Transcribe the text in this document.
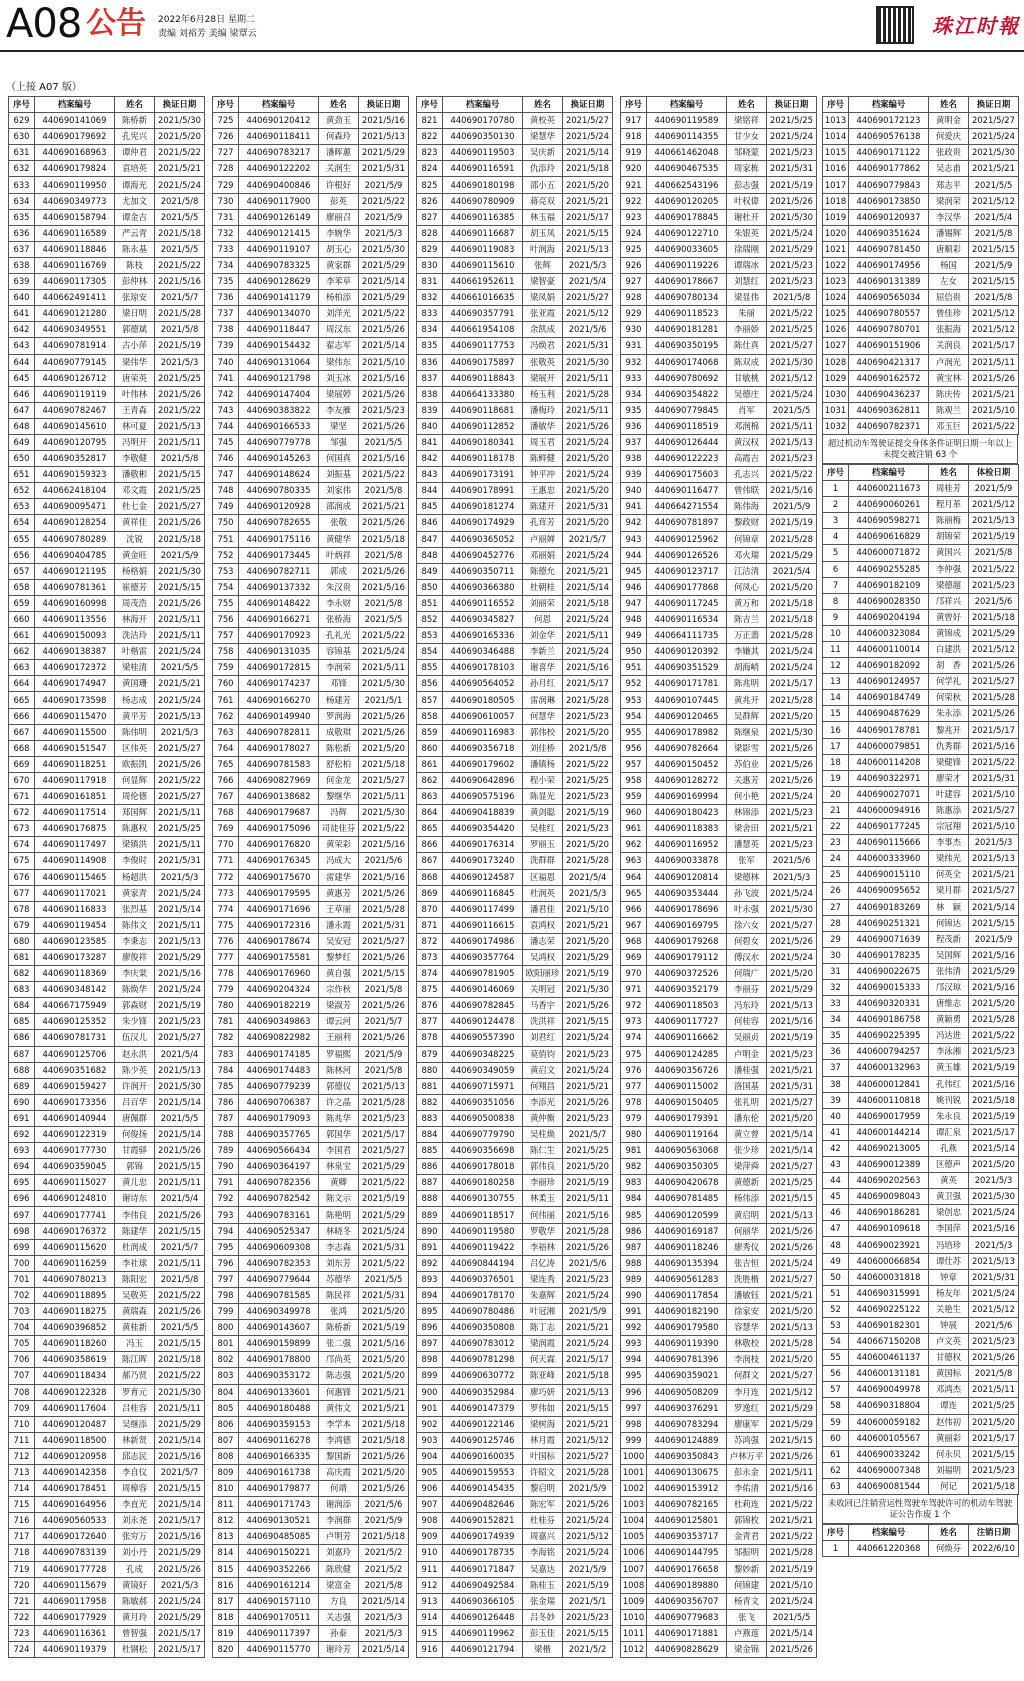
A08 公告 2022年6月28日 星期二
责编 刘裕芳 美编 梁覃云	珠江时報
（上接 A07 版）
序号	档案编号	姓名	换证日期
629	440690141069	陈桥新	2021/5/30
630	440690179692	孔宪兴	2021/5/20
631	440690168963	谭仲君	2021/5/22
632	440690179824	袁培英	2021/5/21
633	440690119950	谭海光	2021/5/24
634	440690349773	尤加文	2021/5/8
635	440690158794	谭金吉	2021/5/5
636	440690116589	严云青	2021/5/18
637	440690118846	陈永基	2021/5/5
638	440690116769	陈枝	2021/5/22
639	440690117305	彭仲林	2021/5/16
640	440662491411	张琼安	2021/5/7
641	440690121280	梁日明	2021/5/28
642	440690349551	郭德斌	2021/5/8
643	440690781914	古小萍	2021/5/19
644	440690779145	梁伟华	2021/5/3
645	440690126712	唐荣英	2021/5/25
646	440690119119	叶伟林	2021/5/26
647	440690782467	王青森	2021/5/22
648	440690145610	林可夏	2021/5/13
649	440690120795	冯明开	2021/5/11
650	440690352817	李敬健	2021/5/8
651	440690159323	潘敬彬	2021/5/15
652	440662418104	邓文霞	2021/5/25
653	440690095471	杜七金	2021/5/27
654	440690128254	黄祥佳	2021/5/26
655	440690780289	沈锐	2021/5/18
656	440690404785	黄金旺	2021/5/9
657	440690121195	杨格娟	2021/5/30
658	440690781361	崔德芳	2021/5/15
659	440690160998	周茂浩	2021/5/26
660	440690113556	林海开	2021/5/11
661	440690150093	洗洁玲	2021/5/11
662	440690138387	叶楷雷	2021/5/24
663	440690172372	梁桂清	2021/5/5
664	440690174947	黄国珊	2021/5/21
665	440690173598	杨志成	2021/5/24
666	440690115470	黄平芳	2021/5/13
667	440690115500	陈伟明	2021/5/3
668	440690151547	区伟英	2021/5/27
669	440690118251	欧振凯	2021/5/26
670	440690117918	何显辉	2021/5/22
671	440690161851	周伦德	2021/5/27
672	440690117514	郑国辉	2021/5/11
673	440690176875	陈惠权	2021/5/25
674	440690117497	梁镇洪	2021/5/11
675	440690114908	李俊时	2021/5/31
676	440690115465	杨超洪	2021/5/3
677	440690117021	黄家青	2021/5/24
678	440690116833	张烈基	2021/5/14
679	440690119454	陈伟文	2021/5/11
680	440690123585	李秉志	2021/5/13
681	440690173287	廖俊祥	2021/5/29
682	440690118369	李庆棠	2021/5/16
683	440690348142	陈焕华	2021/5/24
684	440667175949	郭森财	2021/5/19
685	440690125352	朱少锋	2021/5/23
686	440690781731	伍汉儿	2021/5/27
687	440690125706	赵永洪	2021/5/4
688	440690351682	陈少英	2021/5/13
689	440690159427	许润开	2021/5/30
690	440690173356	吕百华	2021/5/14
691	440690140944	唐佩群	2021/5/5
692	440690122319	何俊扬	2021/5/14
693	440690177730	甘霞驿	2021/5/26
694	440690359045	郭锦	2021/5/15
695	440690115027	黄儿忠	2021/5/11
696	440690124810	谢诗东	2021/5/4
697	440690177741	李伟良	2021/5/26
698	440690176372	陈建华	2021/5/15
699	440690115620	杜润成	2021/5/7
700	440690116259	李社球	2021/5/11
701	440690780213	陈阳宏	2021/5/8
702	440690118895	吴敬英	2021/5/22
703	440690118275	黄瑞森	2021/5/26
704	440690396852	黄桂新	2021/5/5
705	440690118260	冯玉	2021/5/15
706	440690358619	陈江晖	2021/5/18
707	440690118434	郝乃贤	2021/5/22
708	440690122328	罗育元	2021/5/30
709	440690117604	吕桂容	2021/5/11
710	440690120487	吴继添	2021/5/29
711	440690118500	林新贤	2021/5/14
712	440690120958	邱志民	2021/5/16
713	440690142358	李自仪	2021/5/7
714	440690178451	周樟容	2021/5/15
715	440690164956	李直光	2021/5/14
716	440690560533	刘永尧	2021/5/17
717	440690172640	张穷万	2021/5/16
718	440690783139	刘小丹	2021/5/29
719	440690177728	孔成	2021/5/26
720	440690115679	黄镜好	2021/5/3
721	440690117958	陈敏郝	2021/5/24
722	440690177929	黄月玲	2021/5/29
723	440690116361	曾智强	2021/5/17
724	440690119379	杜钢松	2021/5/17
序号	档案编号	姓名	换证日期
725	440690120412	黄劲玉	2021/5/16
726	440690118411	何森玲	2021/5/13
727	440690783217	潘晖蕙	2021/5/29
728	440690122202	关润生	2021/5/31
729	440690400846	许根好	2021/5/9
730	440690117900	彭英	2021/5/22
731	440690126149	廖丽召	2021/5/9
732	440690121415	李婉华	2021/5/3
733	440690119107	胡玉心	2021/5/30
734	440690783325	黄家群	2021/5/29
735	440690128629	李苯草	2021/5/14
736	440690141179	杨柏添	2021/5/29
737	440690134070	刘洋光	2021/5/22
738	440690118447	周汉东	2021/5/26
739	440690154432	翟志军	2021/5/14
740	440690131064	梁伟东	2021/5/10
741	440690121798	刘玉冰	2021/5/16
742	440690147404	梁展婷	2021/5/26
743	440690383822	李友雁	2021/5/23
744	440690166533	梁坚	2021/5/26
745	440690779778	邹强	2021/5/5
746	440690145263	何国真	2021/5/16
747	440690148624	刘振基	2021/5/22
748	440690780335	刘家伟	2021/5/8
749	440690120928	邵润成	2021/5/21
750	440690782655	张敬	2021/5/26
751	440690175116	黄健华	2021/5/18
752	440690173445	叶炳祥	2021/5/8
753	440690782711	郭成	2021/5/26
754	440690137332	朱汉贵	2021/5/16
755	440690148422	李永财	2021/5/8
756	440690166271	张桥海	2021/5/5
757	440690170923	孔礼光	2021/5/22
758	440690131035	容锦基	2021/5/24
759	440690172815	李润荣	2021/5/11
760	440690174237	邓锋	2021/5/30
761	440690166270	杨建芳	2021/5/1
762	440690149940	罗润海	2021/5/26
763	440690782811	成敬琪	2021/5/26
764	440690178027	陈松新	2021/5/20
765	440690781583	舒松柏	2021/5/18
766	440690827969	何金龙	2021/5/27
767	440690138682	黎继华	2021/5/11
768	440690179687	冯辉	2021/5/30
769	440690175096	司徒佳芬	2021/5/22
770	440690176820	黄荣彩	2021/5/16
771	440690176345	冯成大	2021/5/6
772	440690175670	雷建华	2021/5/16
773	440690179595	黄惠芳	2021/5/26
774	440690171696	王草丽	2021/5/28
775	440690172316	潘永霞	2021/5/31
776	440690178674	吴安冠	2021/5/27
777	440690175581	黎梦红	2021/5/26
778	440690176960	黄自强	2021/5/15
779	440690204324	宗作秋	2021/5/8
780	440690182219	梁淑芳	2021/5/26
781	440690349863	谭云河	2021/5/7
782	440690822982	王丽利	2021/5/26
783	440690174185	罗福熙	2021/5/9
784	440690174483	陈林河	2021/5/8
785	440690779239	郭德仪	2021/5/13
786	440690706387	许之晶	2021/5/28
787	440690179093	陈兆华	2021/5/23
788	440690357765	郭国华	2021/5/17
789	440690566434	李国君	2021/5/27
790	440690364197	林泉宝	2021/5/29
791	440690782356	黄卿	2021/5/22
792	440690782542	陈文示	2021/5/19
793	440690783161	陈艳明	2021/5/29
794	440690525347	林晓冬	2021/5/24
795	440690609308	李志森	2021/5/31
796	440690782353	刘东芳	2021/5/22
797	440690779644	苏德华	2021/5/5
798	440690781585	陈民祥	2021/5/31
799	440690349978	张鸿	2021/5/20
800	440690143607	陈桥新	2021/5/19
801	440690159899	张二强	2021/5/16
802	440690178800	邝尚英	2021/5/20
803	440690353172	陈志强	2021/5/20
804	440690133601	何惠锋	2021/5/21
805	440690180488	黄伟文	2021/5/21
806	440690359153	李学本	2021/5/18
807	440690116278	李鸿德	2021/5/18
808	440690166335	黎国新	2021/5/26
809	440690161738	高庆霞	2021/5/20
810	440690179877	何靖	2021/5/26
811	440690171743	谢润添	2021/5/6
812	440690130521	李润群	2021/5/9
813	440690485085	卢明芳	2021/5/18
814	440690150221	刘嘉玲	2021/5/2
815	440690352266	陈欣健	2021/5/2
816	440690161214	梁富金	2021/5/8
817	440690157110	方良	2021/5/14
818	440690170511	关志强	2021/5/3
819	440690117397	孙泰	2021/5/3
820	440690115770	谢玲芳	2021/5/14
序号	档案编号	姓名	换证日期
821	440690170780	黄校英	2021/5/27
822	440690350130	梁慧华	2021/5/24
823	440690119503	吴庆新	2021/5/14
824	440690116591	仇添玲	2021/5/18
825	440690180198	邵小五	2021/5/20
826	440690780909	蒋亮双	2021/5/21
827	440690116385	林玉福	2021/5/17
828	440690116687	胡玉凤	2021/5/15
829	440690119083	叶润海	2021/5/13
830	440690115610	张辉	2021/5/3
831	440661952611	梁智豪	2021/5/4
832	440661016635	梁凤娟	2021/5/27
833	440690357791	张亚霞	2021/5/12
834	440661954108	余凯成	2021/5/6
835	440690117753	冯焕君	2021/5/31
836	440690175897	张敬英	2021/5/30
837	440690118843	梁展开	2021/5/11
838	440664133380	杨玉利	2021/5/28
839	440690118681	潘梅玲	2021/5/11
840	440690112852	潘敏华	2021/5/26
841	440690180341	周玉君	2021/5/24
842	440690118178	陈鲜健	2021/5/20
843	440690173191	钟平冲	2021/5/24
844	440690178991	王惠忠	2021/5/20
845	440690181274	陈建开	2021/5/31
846	440690174929	孔茸芳	2021/5/20
847	440690365052	卢丽婵	2021/5/7
848	440690452776	邓丽娟	2021/5/24
849	440690350711	陈德允	2021/5/21
850	440690366380	杜朝桂	2021/5/14
851	440690116552	刘丽荣	2021/5/18
852	440690345827	何恩	2021/5/24
853	440690165336	刘金华	2021/5/11
854	440690346488	李新兰	2021/5/24
855	440690178103	谢喜华	2021/5/16
856	440690564052	孙月红	2021/5/17
857	440690180505	雷润琳	2021/5/28
858	440690610057	何慧华	2021/5/23
859	440690116983	郭伟校	2021/5/20
860	440690356718	刘佳桥	2021/5/8
861	440690179602	潘镇杨	2021/5/22
862	440690642896	程小荣	2021/5/25
863	440690575196	陈显光	2021/5/23
864	440690418839	黄剑聪	2021/5/19
865	440690354420	吴桂红	2021/5/23
866	440690176314	罗丽玉	2021/5/20
867	440690173240	洗群群	2021/5/28
868	440690124587	区福恩	2021/5/4
869	440690116845	杜润英	2021/5/3
870	440690117499	潘君佳	2021/5/10
871	440690116615	袁鸿权	2021/5/21
872	440690174986	潘志荣	2021/5/20
873	440690357764	吴鸿权	2021/5/29
874	440690781905	欧阳丽珍	2021/5/19
875	440690146069	关明冠	2021/5/30
876	440690782845	马香宇	2021/5/26
877	440690124478	冼洪祥	2021/5/15
878	440690557390	刘君红	2021/5/24
879	440690348225	莫俏钧	2021/5/23
880	440690349059	黄启文	2021/5/24
881	440690715971	何翔昌	2021/5/21
882	440690351056	李添光	2021/5/26
883	440690500838	黄仲衡	2021/5/23
884	440690779790	吴柱焕	2021/5/7
885	440690356698	陈仁生	2021/5/25
886	440690178018	郭伟良	2021/5/20
887	440690180258	李丽珍	2021/5/19
888	440690130755	林柔玉	2021/5/11
889	440690118517	何伟丽	2021/5/16
890	440690119580	罗敬华	2021/5/28
891	440690119422	李裕林	2021/5/26
892	440690844194	吕亿涛	2021/5/6
893	440690376501	梁连秀	2021/5/23
894	440690178170	朱嘉辉	2021/5/24
895	440690780486	叶冠湘	2021/5/9
896	440690350808	陈丁志	2021/5/21
897	440690783012	梁润霞	2021/5/24
898	440690781298	何天霖	2021/5/17
899	440690630772	陈亚峰	2021/5/18
900	440690352984	廖巧妍	2021/5/13
901	440690147379	罗伟如	2021/5/15
902	440690122146	梁树海	2021/5/21
903	440690125746	林月霞	2021/5/12
904	440690160035	叶国标	2021/5/27
905	440690159553	许昭文	2021/5/28
906	440690145435	黎启明	2021/5/9
907	440690482646	陈宏军	2021/5/26
908	440690152821	杜桂芬	2021/5/24
909	440690174939	周嘉兴	2021/5/12
910	440690178735	李海铭	2021/5/24
911	440690171847	吴嘉达	2021/5/9
912	440690492584	陈桂玉	2021/5/19
913	440690366105	张金瑞	2021/5/1
914	440690126448	吕冬妙	2021/5/23
915	440690119962	彭玉佳	2021/5/15
916	440690121794	梁楷	2021/5/2
序号	档案编号	姓名	换证日期
917	440690119589	梁铭祥	2021/5/25
918	440690114355	甘少女	2021/5/24
919	440661462048	邹晓蒙	2021/5/23
920	440690467535	周家栋	2021/5/31
921	440662543196	彭志强	2021/5/19
922	440690120205	叶权偉	2021/5/26
923	440690178845	谢杜开	2021/5/30
924	440690122710	朱银英	2021/5/24
925	440690033605	徐瑞刚	2021/5/29
926	440690119226	谭瑞冰	2021/5/23
927	440690178667	刘慧红	2021/5/23
928	440690780134	梁显伟	2021/5/8
929	440690118523	朱丽	2021/5/22
930	440690181281	李丽娇	2021/5/25
931	440690350195	陈仕真	2021/5/27
932	440690174068	陈双成	2021/5/30
933	440690780692	甘敏桃	2021/5/12
934	440690354822	吴德庄	2021/5/24
935	440690779845	肖军	2021/5/5
936	440690118519	邓润棉	2021/5/11
937	440690126444	黄汉权	2021/5/13
938	440690122223	高霞吉	2021/5/23
939	440690175603	孔志兴	2021/5/22
940	440690116477	曾伟联	2021/5/16
941	440664271554	陈伟海	2021/5/9
942	440690781897	黎政财	2021/5/19
943	440690125962	何锦章	2021/5/28
944	440690126526	邓火瑞	2021/5/29
945	440690123717	江洁清	2021/5/4
946	440690177868	何凤心	2021/5/20
947	440690117245	黄万和	2021/5/18
948	440690116534	陈吉兰	2021/5/18
949	440664111735	万正翡	2021/5/28
950	440690120392	李嫌其	2021/5/24
951	440690351529	胡海峭	2021/5/24
952	440690171781	陈兆明	2021/5/17
953	440690107445	黄兆开	2021/5/28
954	440690120465	吴群辉	2021/5/20
955	440690178982	陈继泉	2021/5/30
956	440690782664	梁影雪	2021/5/26
957	440690150452	苏伯业	2021/5/26
958	440690128272	关惠芳	2021/5/26
959	440690169994	何小艳	2021/5/24
960	440690180423	林锦添	2021/5/23
961	440690118383	梁舍田	2021/5/21
962	440690116952	潘慧英	2021/5/23
963	440690033878	张军	2021/5/6
964	440690120814	梁德林	2021/5/3
965	440690353444	孙飞波	2021/5/24
966	440690178696	叶永强	2021/5/30
967	440690169795	徐六女	2021/5/27
968	440690179268	何碧女	2021/5/26
969	440690179112	傅汉水	2021/5/24
970	440690372526	何瑞广	2021/5/20
971	440690352179	李丽芬	2021/5/29
972	440690118503	冯东玲	2021/5/13
973	440690117727	何桂容	2021/5/16
974	440690116662	吴丽贞	2021/5/19
975	440690124285	卢明金	2021/5/23
976	440690356726	潘桂强	2021/5/21
977	440690115002	洛国基	2021/5/31
978	440690150405	张礼明	2021/5/27
979	440690179391	潘东伦	2021/5/20
980	440690119164	黄立曾	2021/5/14
981	440690563068	张少珍	2021/5/14
982	440690350305	梁萍舜	2021/5/27
983	440690420678	黄德新	2021/5/25
984	440690781485	杨伟添	2021/5/15
985	440690120599	黄启明	2021/5/13
986	440690169187	何丽华	2021/5/26
987	440690118246	廖秀仪	2021/5/26
988	440690135394	张吉恒	2021/5/24
989	440690561283	洗胜楷	2021/5/27
990	440690117854	潘敏钰	2021/5/21
991	440690182190	徐家安	2021/5/20
992	440690179580	容慧华	2021/5/13
993	440690119390	林敬校	2021/5/28
994	440690781396	李润枝	2021/5/20
995	440690359021	何群文	2021/5/27
996	440690508209	李月连	2021/5/12
997	440690376291	罗逸红	2021/5/29
998	440690783294	廖康军	2021/5/29
999	440690124889	苏鸿强	2021/5/15
1000	440690350843	卢林万平	2021/5/26
1001	440690130675	彭永金	2021/5/11
1002	440690153912	李佑清	2021/5/16
1003	440690782165	杜莉连	2021/5/22
1004	440690125801	郭锦枚	2021/5/21
1005	440690353717	金青君	2021/5/22
1006	440690144795	邹振明	2021/5/28
1007	440690176658	黎妙新	2021/5/19
1008	440690189880	何锦建	2021/5/10
1009	440690356707	杨青文	2021/5/24
1010	440690779683	张飞	2021/5/5
1011	440690171881	卢燕莲	2021/5/14
1012	440690828629	梁金锦	2021/5/26
序号	档案编号	姓名	换证日期
1013	440690172123	黄明金	2021/5/27
1014	440690576138	何爱庆	2021/5/24
1015	440690171122	张政贵	2021/5/30
1016	440690177862	吴志甫	2021/5/21
1017	440690779843	郑志平	2021/5/5
1018	440690173850	梁润荣	2021/5/12
1019	440690120937	李汉华	2021/5/4
1020	440690351624	潘锡辉	2021/5/8
1021	440690781450	唐顺彩	2021/5/15
1022	440690174956	杨国	2021/5/9
1023	440690131389	左女	2021/5/15
1024	440690565034	屈信贵	2021/5/8
1025	440690780557	曾佳珍	2021/5/12
1026	440690780701	张振海	2021/5/12
1027	440690151906	关润良	2021/5/17
1028	440690421317	卢润光	2021/5/11
1029	440690162572	黄宝林	2021/5/26
1030	440690436237	陈庆传	2021/5/21
1031	440690362811	陈观兰	2021/5/10
1032	440690782371	邓玉巨	2021/5/22
超过机动车驾驶证提交身体条件证明日期一年以上未提交被注销 63 个
序号	档案编号	姓名	体检日期
1	440600211673	周桂芳	2021/5/9
2	440690060261	程月革	2021/5/12
3	440690598271	陈丽梅	2021/5/13
4	440690616829	胡锦荣	2021/5/19
5	440600071872	黄国兴	2021/5/8
6	440690255285	李仲强	2021/5/22
7	440690182109	梁德超	2021/5/23
8	440690028350	邝祥兴	2021/5/6
9	440690204194	黄曾好	2021/5/18
10	440600323084	黄锦成	2021/5/29
11	440600110014	白建洪	2021/5/12
12	440690182092	胡　香	2021/5/26
13	440690124957	何学礼	2021/5/27
14	440690184749	何荣秋	2021/5/28
15	440690487629	朱永添	2021/5/26
16	440690178781	黎兆开	2021/5/17
17	440600079851	仇秀群	2021/5/16
18	440600114208	梁健锋	2021/5/22
19	440690322971	廖荣才	2021/5/31
20	440690027071	叶建容	2021/5/10
21	440600094916	陈惠添	2021/5/27
22	440690177245	宗冠翔	2021/5/10
23	440690115666	李事杰	2021/5/3
24	440600333960	梁纬光	2021/5/13
25	440690015110	何英全	2021/5/21
26	440690095652	梁月群	2021/5/27
27	440690183269	林　颖	2021/5/14
28	440690251321	何锦达	2021/5/15
29	440690071639	程茂新	2021/5/9
30	440690178235	吴国辉	2021/5/16
31	440690022675	张伟清	2021/5/29
32	440690015333	邝汉琼	2021/5/16
33	440690320331	唐维志	2021/5/20
34	440690186758	黄颖勇	2021/5/28
35	440690225395	冯达进	2021/5/22
36	440600794257	李泳湘	2021/5/23
37	440600132963	黄玉雄	2021/5/19
38	440600012841	孔伟红	2021/5/16
39	440600110818	姚刊锐	2021/5/18
40	440690017959	朱永良	2021/5/19
41	440600144214	谭汇泉	2021/5/17
42	440690213005	孔燕	2021/5/14
43	440690012389	区德声	2021/5/20
44	440690202563	黄英	2021/5/3
45	440690098043	黄卫强	2021/5/30
46	440690186281	梁创忠	2021/5/24
47	440690109618	李国萍	2021/5/16
48	440690023921	冯培珍	2021/5/3
49	440600066854	谭仕苏	2021/5/13
50	440600031818	钟章	2021/5/31
51	440690315991	杨友年	2021/5/24
52	440690225122	关艳生	2021/5/12
53	440690182301	钟展	2021/5/6
54	440667150208	卢文英	2021/5/23
55	440600461137	甘德权	2021/5/26
56	440600131181	黄国标	2021/5/8
57	440690049978	邓鸿杰	2021/5/11
58	440690318804	谭连	2021/5/25
59	440600059182	赵伟初	2021/5/20
60	440600105567	黄丽彩	2021/5/17
61	440690033242	何永贝	2021/5/15
62	440690007348	刘福明	2021/5/23
63	440690081544	何记	2021/5/18
未收回已注销营运性驾驶车驾驶许可的机动车驾驶证公告作废 1 个
序号	档案编号	姓名	注销日期
1	440661220368	何焕芬	2022/6/10
